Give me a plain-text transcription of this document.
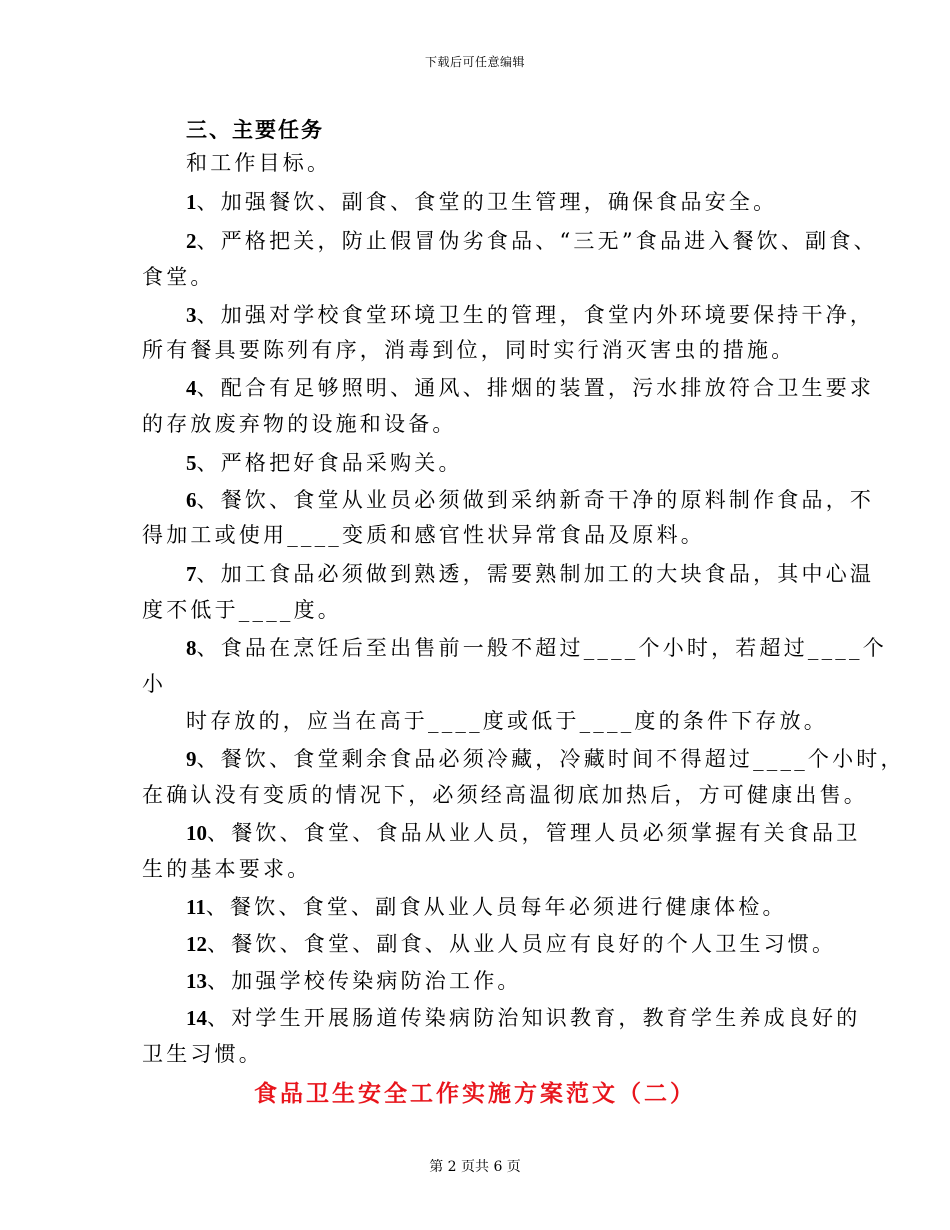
下载后可任意编辑
三、主要任务
和工作目标。
1、加强餐饮、副食、食堂的卫生管理，确保食品安全。
2、严格把关，防止假冒伪劣食品、“三无”食品进入餐饮、副食、
食堂。
3、加强对学校食堂环境卫生的管理，食堂内外环境要保持干净，
所有餐具要陈列有序，消毒到位，同时实行消灭害虫的措施。
4、配合有足够照明、通风、排烟的装置，污水排放符合卫生要求
的存放废弃物的设施和设备。
5、严格把好食品采购关。
6、餐饮、食堂从业员必须做到采纳新奇干净的原料制作食品，不
得加工或使用____变质和感官性状异常食品及原料。
7、加工食品必须做到熟透，需要熟制加工的大块食品，其中心温
度不低于____度。
8、食品在烹饪后至出售前一般不超过____个小时，若超过____个
小
时存放的，应当在高于____度或低于____度的条件下存放。
9、餐饮、食堂剩余食品必须冷藏，冷藏时间不得超过____个小时，
在确认没有变质的情况下，必须经高温彻底加热后，方可健康出售。
10、餐饮、食堂、食品从业人员，管理人员必须掌握有关食品卫
生的基本要求。
11、餐饮、食堂、副食从业人员每年必须进行健康体检。
12、餐饮、食堂、副食、从业人员应有良好的个人卫生习惯。
13、加强学校传染病防治工作。
14、对学生开展肠道传染病防治知识教育，教育学生养成良好的
卫生习惯。
食品卫生安全工作实施方案范文（二）
第 2 页共 6 页
